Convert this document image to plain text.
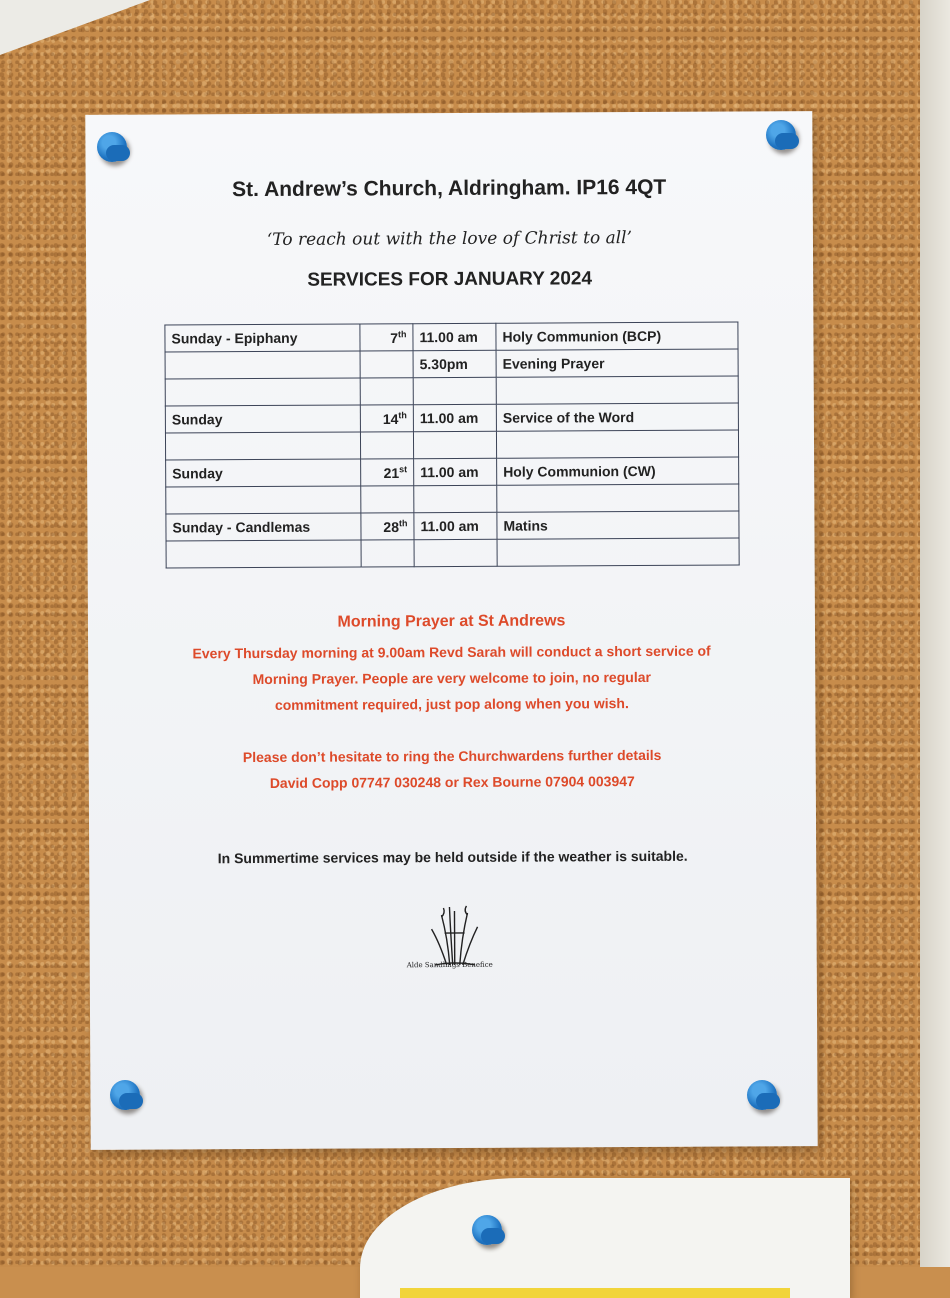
St. Andrew’s Church, Aldringham. IP16 4QT
‘To reach out with the love of Christ to all’
SERVICES FOR JANUARY 2024
Sunday - Epiphany	7th	11.00 am	Holy Communion (BCP)
		5.30pm	Evening Prayer

Sunday	14th	11.00 am	Service of the Word

Sunday	21st	11.00 am	Holy Communion (CW)

Sunday - Candlemas	28th	11.00 am	Matins

Morning Prayer at St Andrews
Every Thursday morning at 9.00am Revd Sarah will conduct a short service of
Morning Prayer. People are very welcome to join, no regular
commitment required, just pop along when you wish.
Please don’t hesitate to ring the Churchwardens further details
David Copp 07747 030248 or Rex Bourne 07904 003947
In Summertime services may be held outside if the weather is suitable.
Alde Sandlings Benefice
